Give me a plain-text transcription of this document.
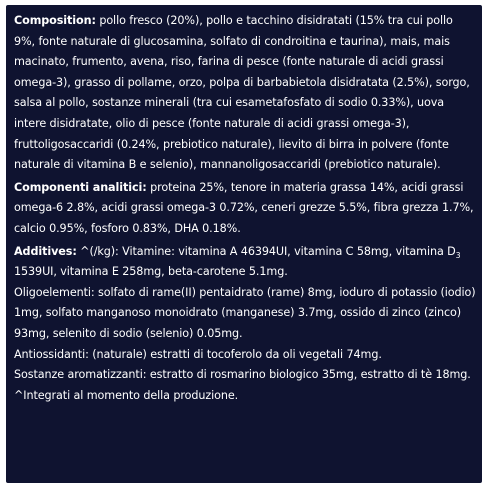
Composition: pollo fresco (20%), pollo e tacchino disidratati (15% tra cui pollo 9%, fonte naturale di glucosamina, solfato di condroitina e taurina), mais, mais macinato, frumento, avena, riso, farina di pesce (fonte naturale di acidi grassi omega-3), grasso di pollame, orzo, polpa di barbabietola disidratata (2.5%), sorgo, salsa al pollo, sostanze minerali (tra cui esametafosfato di sodio 0.33%), uova intere disidratate, olio di pesce (fonte naturale di acidi grassi omega-3), fruttoligosaccaridi (0.24%, prebiotico naturale), lievito di birra in polvere (fonte naturale di vitamina B e selenio), mannanoligosaccaridi (prebiotico naturale).

Componenti analitici: proteina 25%, tenore in materia grassa 14%, acidi grassi omega-6 2.8%, acidi grassi omega-3 0.72%, ceneri grezze 5.5%, fibra grezza 1.7%, calcio 0.95%, fosforo 0.83%, DHA 0.18%.

Additives: ^(/kg): Vitamine: vitamina A 46394UI, vitamina C 58mg, vitamina $D_3$ 1539UI, vitamina E 258mg, beta-carotene 5.1mg.
Oligoelementi: solfato di rame(II) pentaidrato (rame) 8mg, ioduro di potassio (iodio) 1mg, solfato manganoso monoidrato (manganese) 3.7mg, ossido di zinco (zinco) 93mg, selenito di sodio (selenio) 0.05mg.
Antiossidanti: (naturale) estratti di tocoferolo da oli vegetali 74mg.
Sostanze aromatizzanti: estratto di rosmarino biologico 35mg, estratto di tè 18mg. ^Integrati al momento della produzione.
